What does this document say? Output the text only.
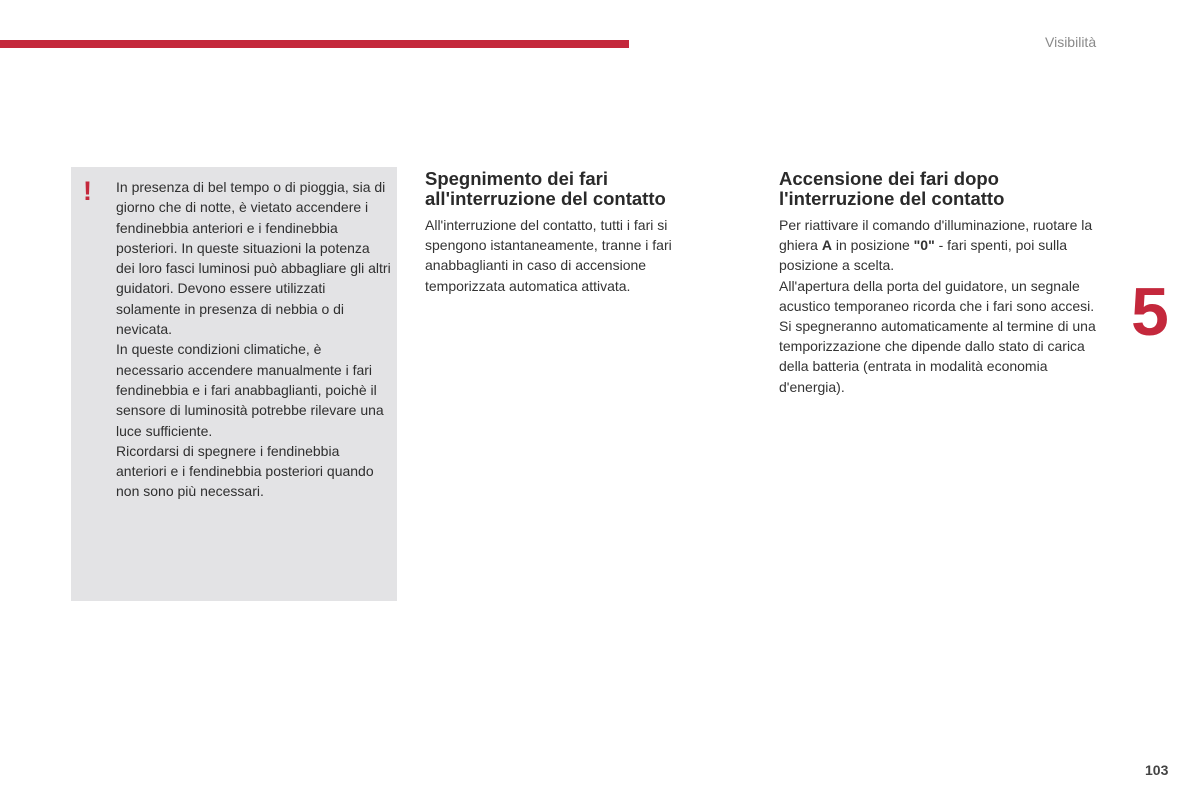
Visibilità
5
! In presenza di bel tempo o di pioggia, sia di giorno che di notte, è vietato accendere i fendinebbia anteriori e i fendinebbia posteriori. In queste situazioni la potenza dei loro fasci luminosi può abbagliare gli altri guidatori. Devono essere utilizzati solamente in presenza di nebbia o di nevicata.

In queste condizioni climatiche, è necessario accendere manualmente i fari fendinebbia e i fari anabbaglianti, poichè il sensore di luminosità potrebbe rilevare una luce sufficiente.

Ricordarsi di spegnere i fendinebbia anteriori e i fendinebbia posteriori quando non sono più necessari.

Spegnimento dei fari all'interruzione del contatto

All'interruzione del contatto, tutti i fari si spengono istantaneamente, tranne i fari anabbaglianti in caso di accensione temporizzata automatica attivata.

Accensione dei fari dopo l'interruzione del contatto

Per riattivare il comando d'illuminazione, ruotare la ghiera A in posizione "0" - fari spenti, poi sulla posizione a scelta.

All'apertura della porta del guidatore, un segnale acustico temporaneo ricorda che i fari sono accesi.

Si spegneranno automaticamente al termine di una temporizzazione che dipende dallo stato di carica della batteria (entrata in modalità economia d'energia).

103
